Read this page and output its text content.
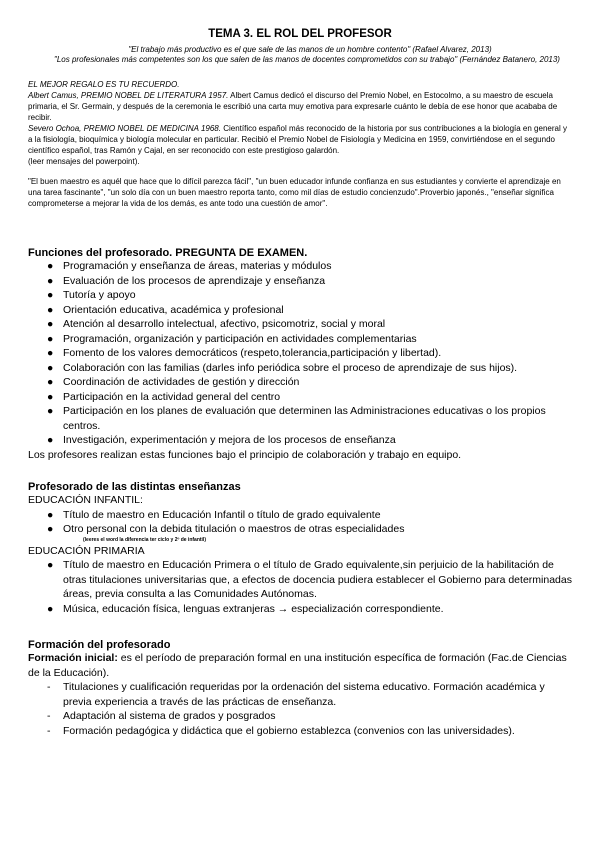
TEMA 3. EL ROL DEL PROFESOR
"El trabajo más productivo es el que sale de las manos de un hombre contento" (Rafael Alvarez, 2013)
"Los profesionales más competentes son los que salen de las manos de docentes comprometidos con su trabajo" (Fernández Batanero, 2013)
EL MEJOR REGALO ES TU RECUERDO.
Albert Camus, PREMIO NOBEL DE LITERATURA 1957. Albert Camus dedicó el discurso del Premio Nobel, en Estocolmo, a su maestro de escuela primaria, el Sr. Germain, y después de la ceremonia le escribió una carta muy emotiva para expresarle cuánto le debía de ese honor que acababa de recibir.
Severo Ochoa, PREMIO NOBEL DE MEDICINA 1968. Científico español más reconocido de la historia por sus contribuciones a la biología en general y a la fisiología, bioquímica y biología molecular en particular. Recibió el Premio Nobel de Fisiología y Medicina en 1959, convirtiéndose en el segundo científico español, tras Ramón y Cajal, en ser reconocido con este prestigioso galardón.
(leer mensajes del powerpoint).
"El buen maestro es aquél que hace que lo difícil parezca fácil", "un buen educador infunde confianza en sus estudiantes y convierte el aprendizaje en una tarea fascinante", "un solo día con un buen maestro reporta tanto, como mil días de estudio concienzudo".Proverbio japonés., "enseñar significa comprometerse a mejorar la vida de los demás, es ante todo una cuestión de amor".
Funciones del profesorado. PREGUNTA DE EXAMEN.
● Programación y enseñanza de áreas, materias y módulos
● Evaluación de los procesos de aprendizaje y enseñanza
● Tutoría y apoyo
● Orientación educativa, académica y profesional
● Atención al desarrollo intelectual, afectivo, psicomotriz, social y moral
● Programación, organización y participación en actividades complementarias
● Fomento de los valores democráticos (respeto,tolerancia,participación y libertad).
● Colaboración con las familias (darles info periódica sobre el proceso de aprendizaje de sus hijos).
● Coordinación de actividades de gestión y dirección
● Participación en la actividad general del centro
● Participación en los planes de evaluación que determinen las Administraciones educativas o los propios centros.
● Investigación, experimentación y mejora de los procesos de enseñanza
Los profesores realizan estas funciones bajo el principio de colaboración y trabajo en equipo.
Profesorado de las distintas enseñanzas
EDUCACIÓN INFANTIL:
● Título de maestro en Educación Infantil o título de grado equivalente
● Otro personal con la debida titulación o maestros de otras especialidades
(leeres el word la diferencia ter ciclo y 2º de infantil)
EDUCACIÓN PRIMARIA
● Título de maestro en Educación Primera o el título de Grado equivalente,sin perjuicio de la habilitación de otras titulaciones universitarias que, a efectos de docencia pudiera establecer el Gobierno para determinadas áreas, previa consulta a las Comunidades Autónomas.
● Música, educación física, lenguas extranjeras → especialización correspondiente.
Formación del profesorado
Formación inicial: es el período de preparación formal en una institución específica de formación (Fac.de Ciencias de la Educación).
- Titulaciones y cualificación requeridas por la ordenación del sistema educativo. Formación académica y previa experiencia a través de las prácticas de enseñanza.
- Adaptación al sistema de grados y posgrados
- Formación pedagógica y didáctica que el gobierno establezca (convenios con las universidades).
